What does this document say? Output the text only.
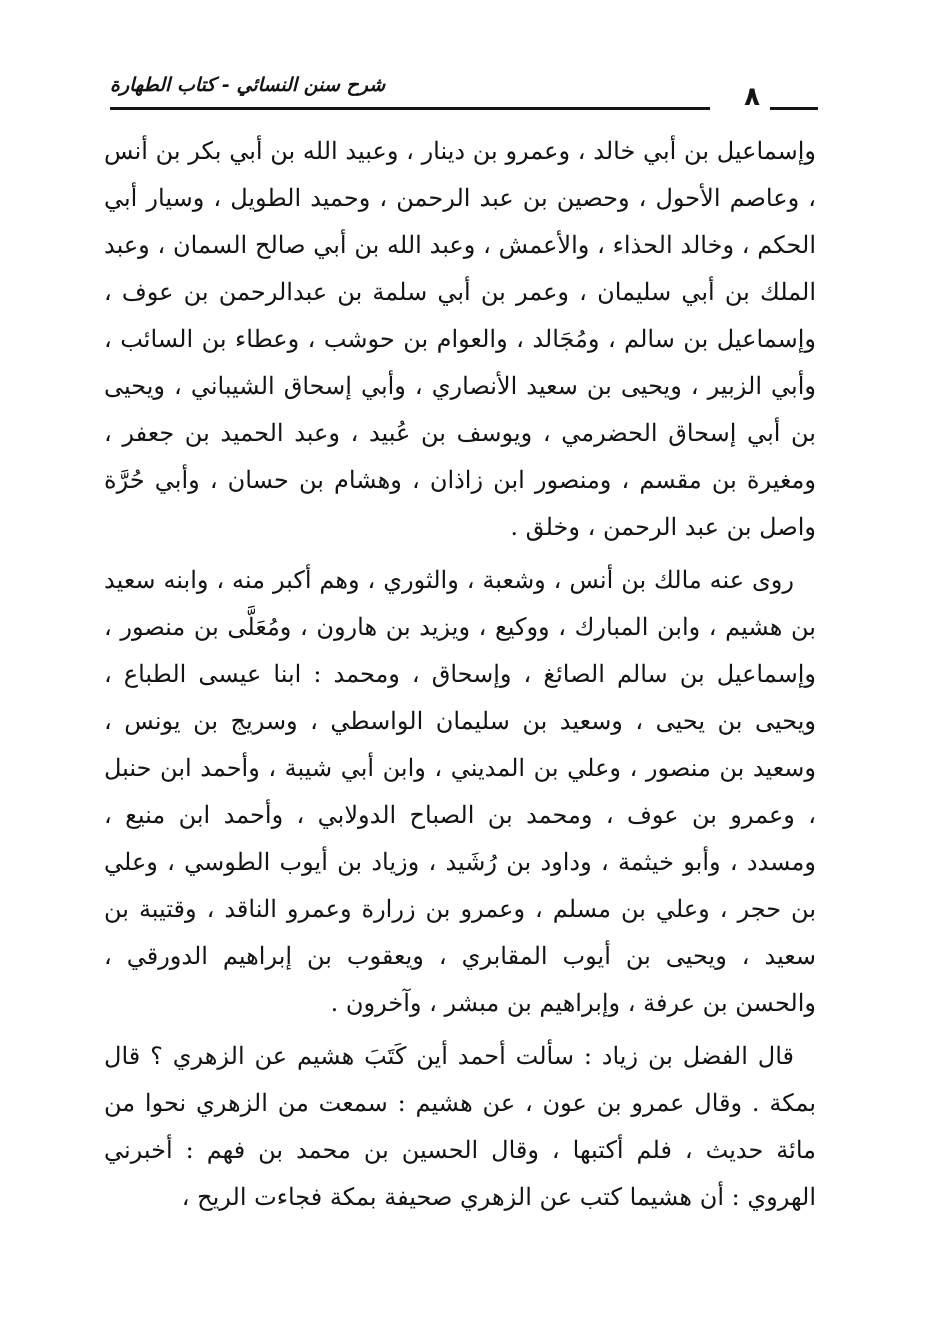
شرح سنن النسائي - كتاب الطهارة	٨

وإسماعيل بن أبي خالد ، وعمرو بن دينار ، وعبيد الله بن أبي بكر بن أنس ، وعاصم الأحول ، وحصين بن عبد الرحمن ، وحميد الطويل ، وسيار أبي الحكم ، وخالد الحذاء ، والأعمش ، وعبد الله بن أبي صالح السمان ، وعبد الملك بن أبي سليمان ، وعمر بن أبي سلمة بن عبدالرحمن بن عوف ، وإسماعيل بن سالم ، ومُجَالد ، والعوام بن حوشب ، وعطاء بن السائب ، وأبي الزبير ، ويحيى بن سعيد الأنصاري ، وأبي إسحاق الشيباني ، ويحيى بن أبي إسحاق الحضرمي ، ويوسف بن عُبيد ، وعبد الحميد بن جعفر ، ومغيرة بن مقسم ، ومنصور ابن زاذان ، وهشام بن حسان ، وأبي حُرَّة واصل بن عبد الرحمن ، وخلق .

روى عنه مالك بن أنس ، وشعبة ، والثوري ، وهم أكبر منه ، وابنه سعيد بن هشيم ، وابن المبارك ، ووكيع ، ويزيد بن هارون ، ومُعَلَّى بن منصور ، وإسماعيل بن سالم الصائغ ، وإسحاق ، ومحمد : ابنا عيسى الطباع ، ويحيى بن يحيى ، وسعيد بن سليمان الواسطي ، وسريج بن يونس ، وسعيد بن منصور ، وعلي بن المديني ، وابن أبي شيبة ، وأحمد ابن حنبل ، وعمرو بن عوف ، ومحمد بن الصباح الدولابي ، وأحمد ابن منيع ، ومسدد ، وأبو خيثمة ، وداود بن رُشَيد ، وزياد بن أيوب الطوسي ، وعلي بن حجر ، وعلي بن مسلم ، وعمرو بن زرارة وعمرو الناقد ، وقتيبة بن سعيد ، ويحيى بن أيوب المقابري ، ويعقوب بن إبراهيم الدورقي ، والحسن بن عرفة ، وإبراهيم بن مبشر ، وآخرون .

قال الفضل بن زياد : سألت أحمد أين كَتَبَ هشيم عن الزهري ؟ قال بمكة . وقال عمرو بن عون ، عن هشيم : سمعت من الزهري نحوا من مائة حديث ، فلم أكتبها ، وقال الحسين بن محمد بن فهم : أخبرني الهروي : أن هشيما كتب عن الزهري صحيفة بمكة فجاءت الريح ،
